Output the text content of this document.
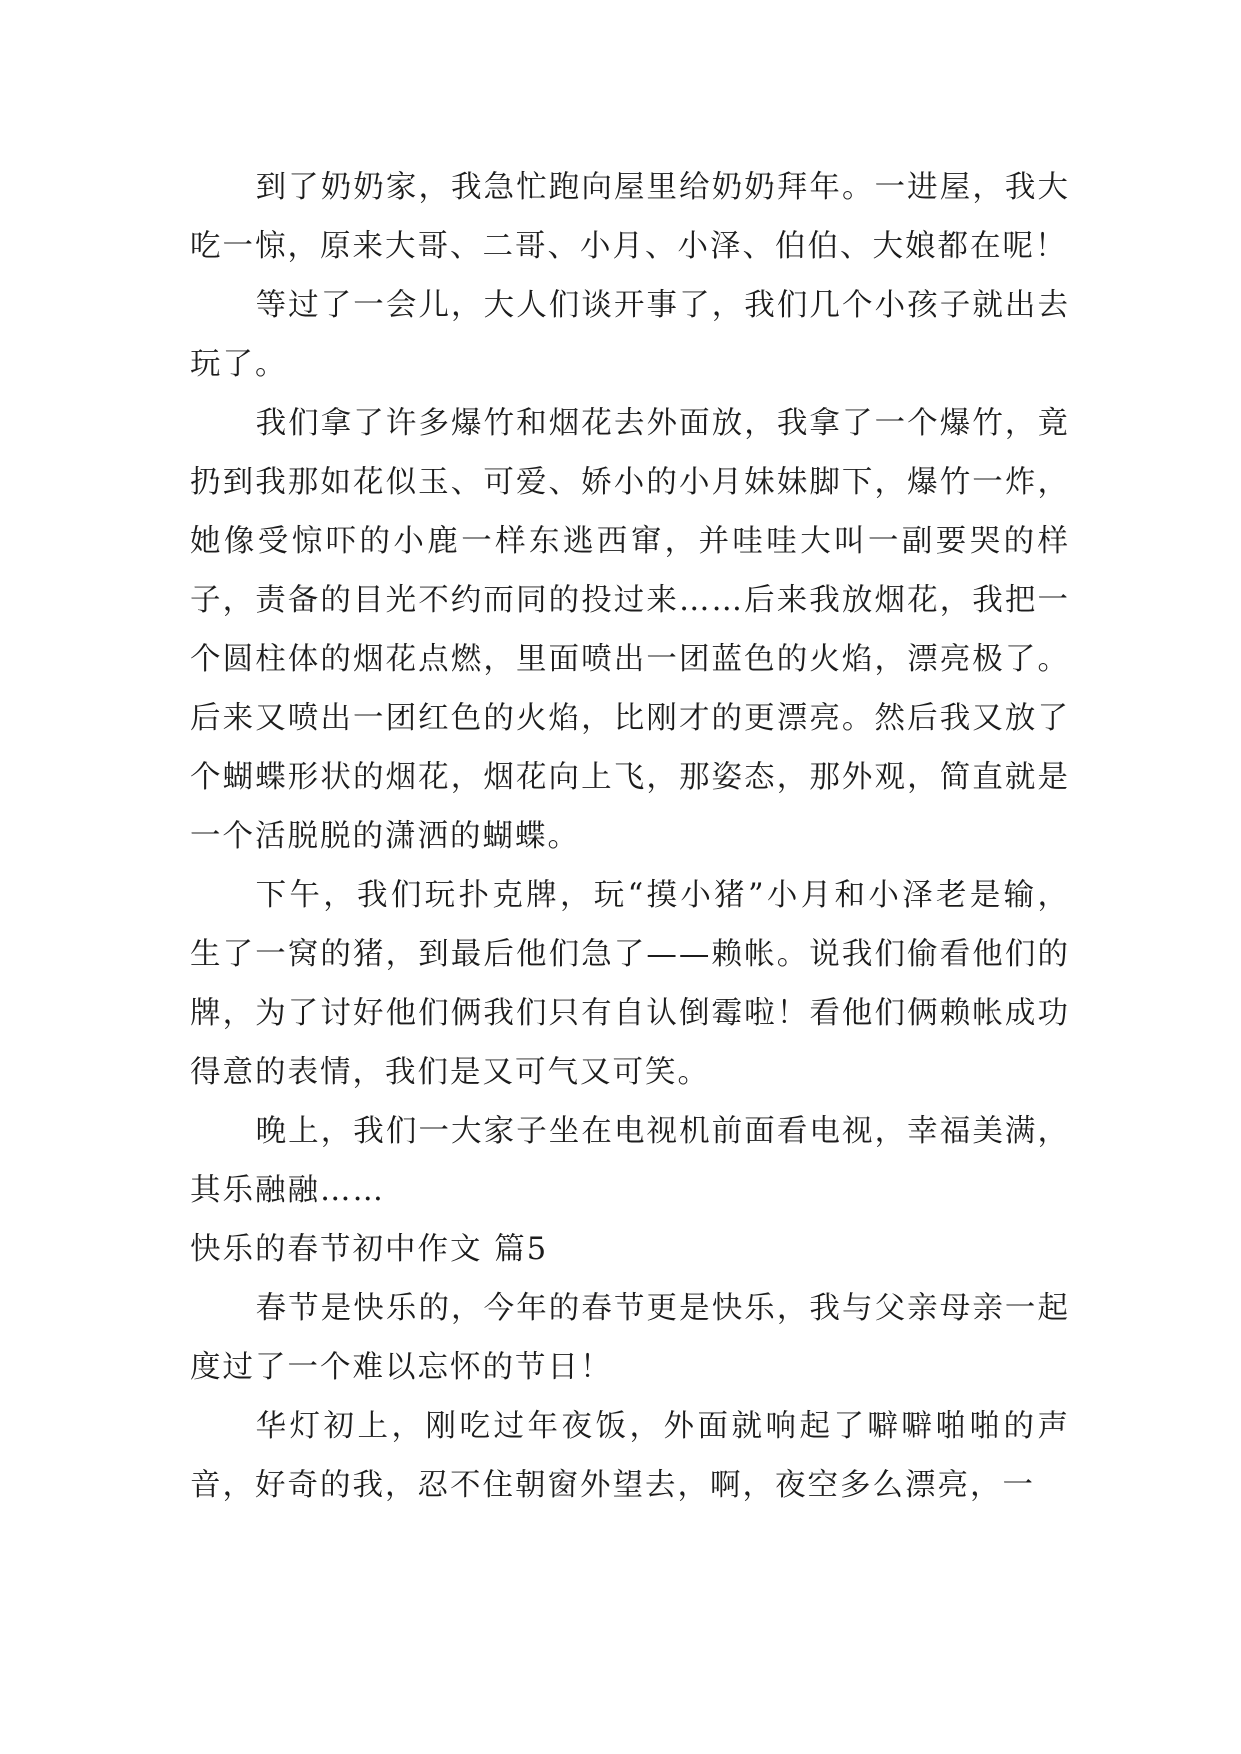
到了奶奶家，我急忙跑向屋里给奶奶拜年。一进屋，我大吃一惊，原来大哥、二哥、小月、小泽、伯伯、大娘都在呢！

等过了一会儿，大人们谈开事了，我们几个小孩子就出去玩了。

我们拿了许多爆竹和烟花去外面放，我拿了一个爆竹，竟扔到我那如花似玉、可爱、娇小的小月妹妹脚下，爆竹一炸，她像受惊吓的小鹿一样东逃西窜，并哇哇大叫一副要哭的样子，责备的目光不约而同的投过来……后来我放烟花，我把一个圆柱体的烟花点燃，里面喷出一团蓝色的火焰，漂亮极了。后来又喷出一团红色的火焰，比刚才的更漂亮。然后我又放了个蝴蝶形状的烟花，烟花向上飞，那姿态，那外观，简直就是一个活脱脱的潇洒的蝴蝶。

下午，我们玩扑克牌，玩“摸小猪”小月和小泽老是输，生了一窝的猪，到最后他们急了——赖帐。说我们偷看他们的牌，为了讨好他们俩我们只有自认倒霉啦！看他们俩赖帐成功得意的表情，我们是又可气又可笑。

晚上，我们一大家子坐在电视机前面看电视，幸福美满，其乐融融……

快乐的春节初中作文 篇5

春节是快乐的，今年的春节更是快乐，我与父亲母亲一起度过了一个难以忘怀的节日！

华灯初上，刚吃过年夜饭，外面就响起了噼噼啪啪的声音，好奇的我，忍不住朝窗外望去，啊，夜空多么漂亮，一
